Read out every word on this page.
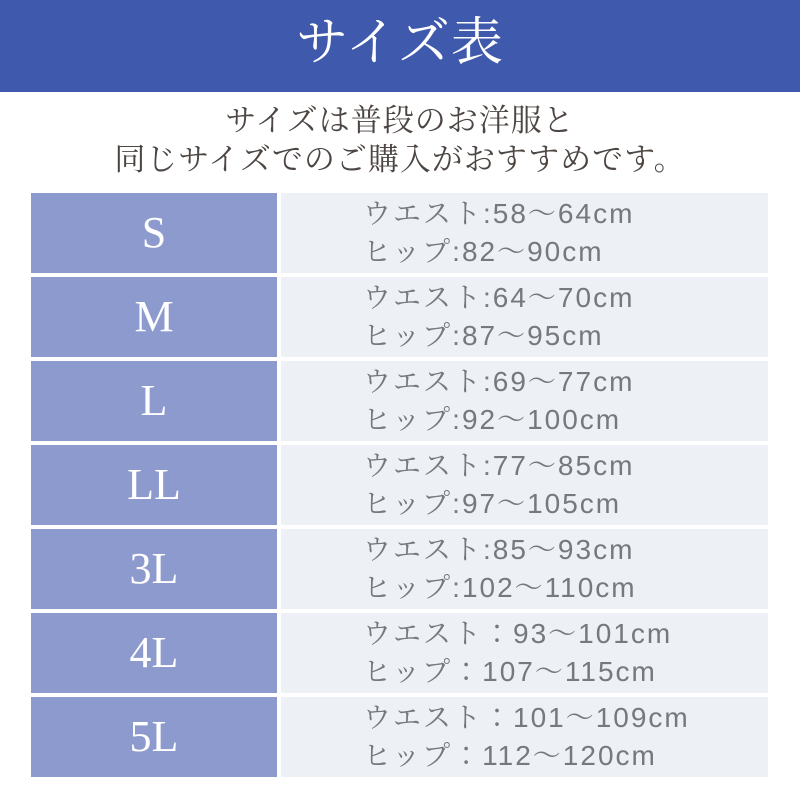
サイズ表
サイズは普段のお洋服と
同じサイズでのご購入がおすすめです。
S	ウエスト:58～64cm
ヒップ:82～90cm
M	ウエスト:64～70cm
ヒップ:87～95cm
L	ウエスト:69～77cm
ヒップ:92～100cm
LL	ウエスト:77～85cm
ヒップ:97～105cm
3L	ウエスト:85～93cm
ヒップ:102～110cm
4L	ウエスト：93～101cm
ヒップ：107～115cm
5L	ウエスト：101～109cm
ヒップ：112～120cm
